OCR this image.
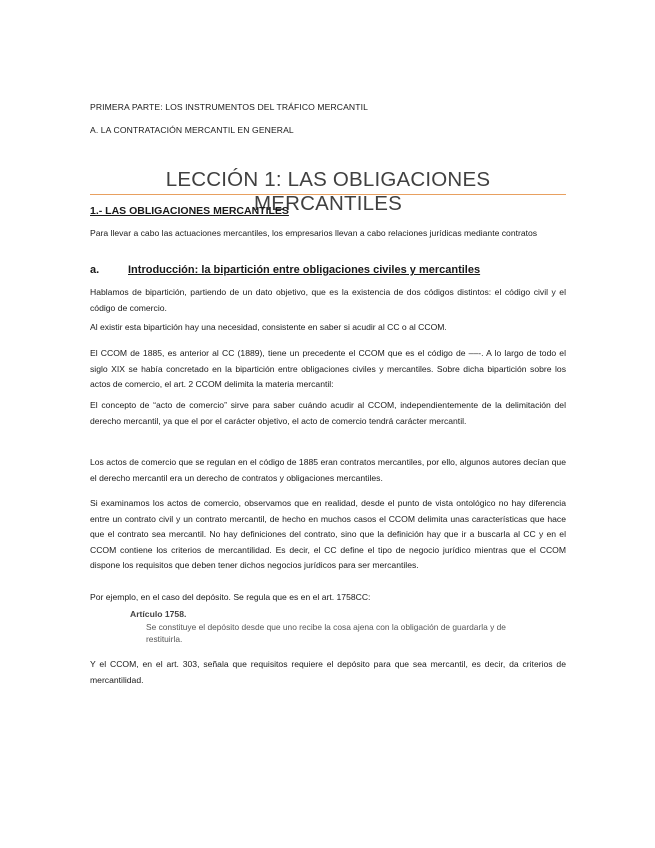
PRIMERA PARTE: LOS INSTRUMENTOS DEL TRÁFICO MERCANTIL
A. LA CONTRATACIÓN MERCANTIL EN GENERAL
LECCIÓN 1: LAS OBLIGACIONES MERCANTILES
1.- LAS OBLIGACIONES MERCANTILES
Para llevar a cabo las actuaciones mercantiles, los empresarios llevan a cabo relaciones jurídicas mediante contratos
a.	Introducción: la bipartición entre obligaciones civiles y mercantiles
Hablamos de bipartición, partiendo de un dato objetivo, que es la existencia de dos códigos distintos: el código civil y el código de comercio.
Al existir esta bipartición hay una necesidad, consistente en saber si acudir al CC o al CCOM.
El CCOM de 1885, es anterior al CC (1889), tiene un precedente el CCOM que es el código de ––-. A lo largo de todo el siglo XIX se había concretado en la bipartición entre obligaciones civiles y mercantiles. Sobre dicha bipartición sobre los actos de comercio, el art. 2 CCOM delimita la materia mercantil:
El concepto de “acto de comercio” sirve para saber cuándo acudir al CCOM, independientemente de la delimitación del derecho mercantil, ya que el por el carácter objetivo, el acto de comercio tendrá carácter mercantil.
Los actos de comercio que se regulan en el código de 1885 eran contratos mercantiles, por ello, algunos autores decían que el derecho mercantil era un derecho de contratos y obligaciones mercantiles.
Si examinamos los actos de comercio, observamos que en realidad, desde el punto de vista ontológico no hay diferencia entre un contrato civil y un contrato mercantil, de hecho en muchos casos el CCOM delimita unas características que hace que el contrato sea mercantil. No hay definiciones del contrato, sino que la definición hay que ir a buscarla al CC y en el CCOM contiene los criterios de mercantilidad. Es decir, el CC define el tipo de negocio jurídico mientras que el CCOM dispone los requisitos que deben tener dichos negocios jurídicos para ser mercantiles.
Por ejemplo, en el caso del depósito. Se regula que es en el art. 1758CC:
Artículo 1758.
Se constituye el depósito desde que uno recibe la cosa ajena con la obligación de guardarla y de restituirla.
Y el CCOM, en el art. 303, señala que requisitos requiere el depósito para que sea mercantil, es decir, da criterios de mercantilidad.
